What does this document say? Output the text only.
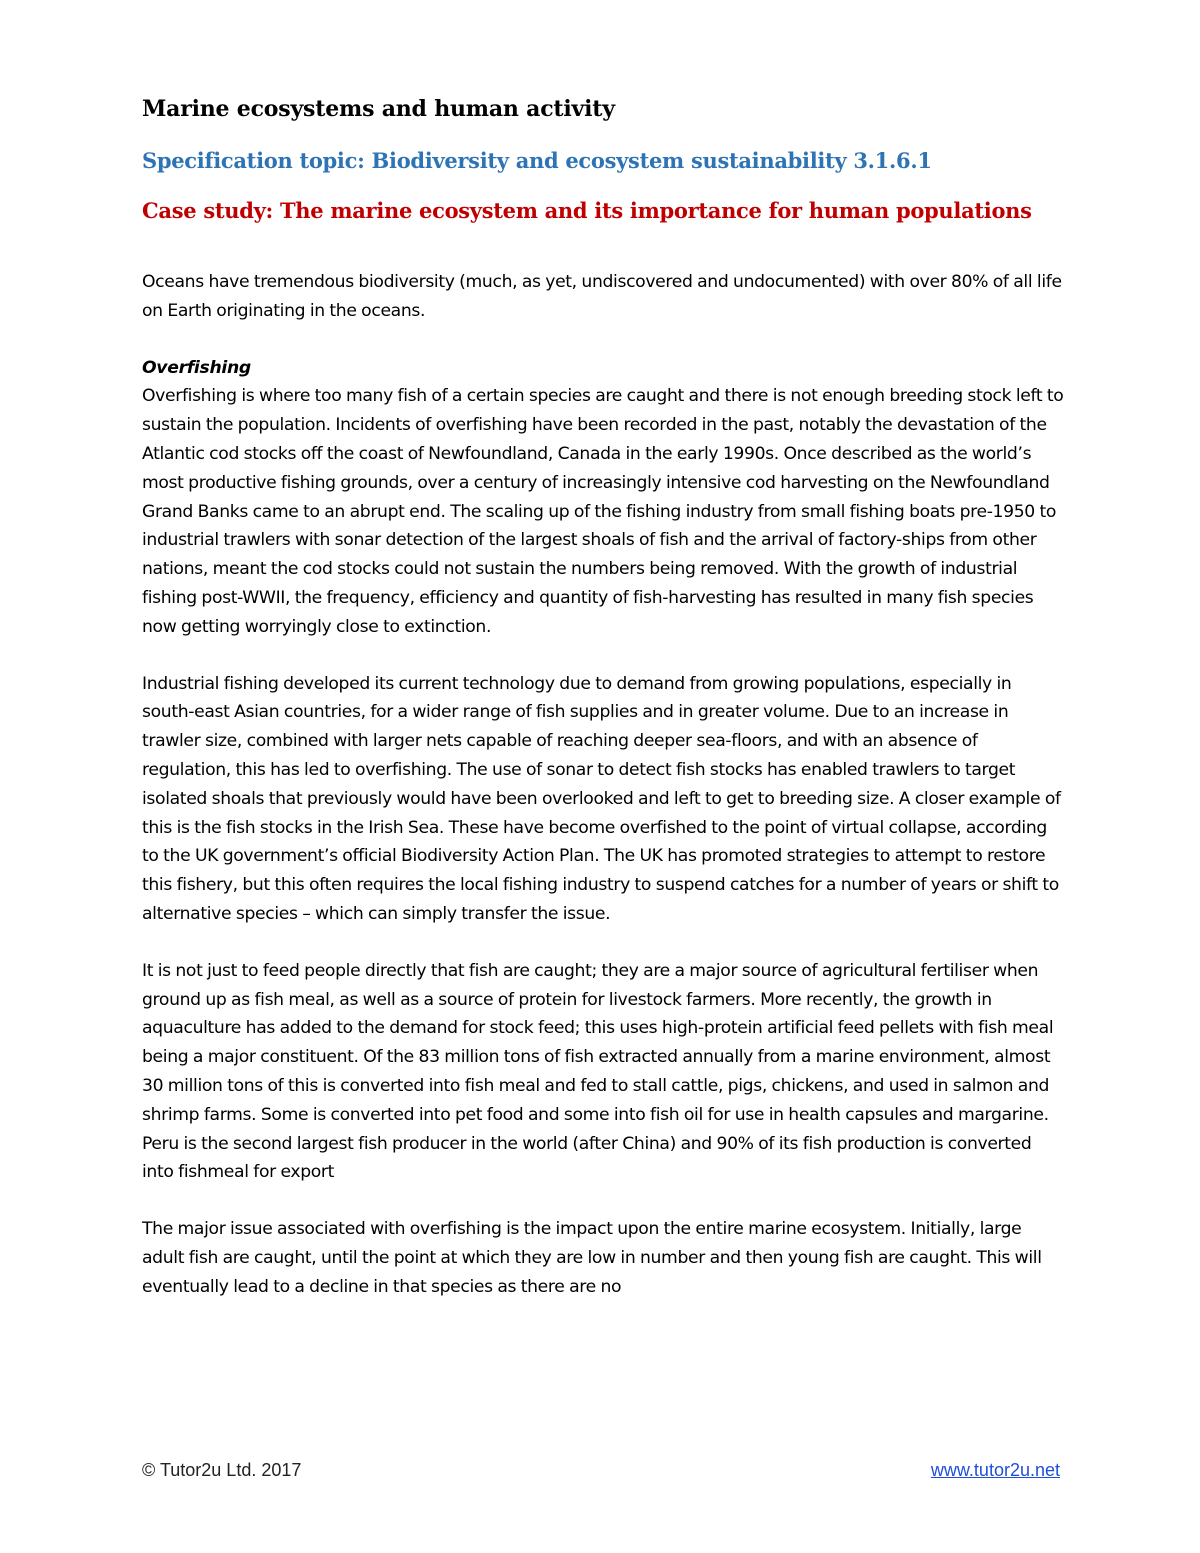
Marine ecosystems and human activity
Specification topic: Biodiversity and ecosystem sustainability 3.1.6.1
Case study: The marine ecosystem and its importance for human populations

Oceans have tremendous biodiversity (much, as yet, undiscovered and undocumented) with over 80% of all life on Earth originating in the oceans.

Overfishing

Overfishing is where too many fish of a certain species are caught and there is not enough breeding stock left to sustain the population. Incidents of overfishing have been recorded in the past, notably the devastation of the Atlantic cod stocks off the coast of Newfoundland, Canada in the early 1990s. Once described as the world’s most productive fishing grounds, over a century of increasingly intensive cod harvesting on the Newfoundland Grand Banks came to an abrupt end. The scaling up of the fishing industry from small fishing boats pre-1950 to industrial trawlers with sonar detection of the largest shoals of fish and the arrival of factory-ships from other nations, meant the cod stocks could not sustain the numbers being removed. With the growth of industrial fishing post-WWII, the frequency, efficiency and quantity of fish-harvesting has resulted in many fish species now getting worryingly close to extinction.

Industrial fishing developed its current technology due to demand from growing populations, especially in south-east Asian countries, for a wider range of fish supplies and in greater volume. Due to an increase in trawler size, combined with larger nets capable of reaching deeper sea-floors, and with an absence of regulation, this has led to overfishing. The use of sonar to detect fish stocks has enabled trawlers to target isolated shoals that previously would have been overlooked and left to get to breeding size. A closer example of this is the fish stocks in the Irish Sea. These have become overfished to the point of virtual collapse, according to the UK government’s official Biodiversity Action Plan. The UK has promoted strategies to attempt to restore this fishery, but this often requires the local fishing industry to suspend catches for a number of years or shift to alternative species – which can simply transfer the issue.

It is not just to feed people directly that fish are caught; they are a major source of agricultural fertiliser when ground up as fish meal, as well as a source of protein for livestock farmers. More recently, the growth in aquaculture has added to the demand for stock feed; this uses high-protein artificial feed pellets with fish meal being a major constituent. Of the 83 million tons of fish extracted annually from a marine environment, almost 30 million tons of this is converted into fish meal and fed to stall cattle, pigs, chickens, and used in salmon and shrimp farms. Some is converted into pet food and some into fish oil for use in health capsules and margarine. Peru is the second largest fish producer in the world (after China) and 90% of its fish production is converted into fishmeal for export

The major issue associated with overfishing is the impact upon the entire marine ecosystem. Initially, large adult fish are caught, until the point at which they are low in number and then young fish are caught. This will eventually lead to a decline in that species as there are no

© Tutor2u Ltd. 2017	www.tutor2u.net
